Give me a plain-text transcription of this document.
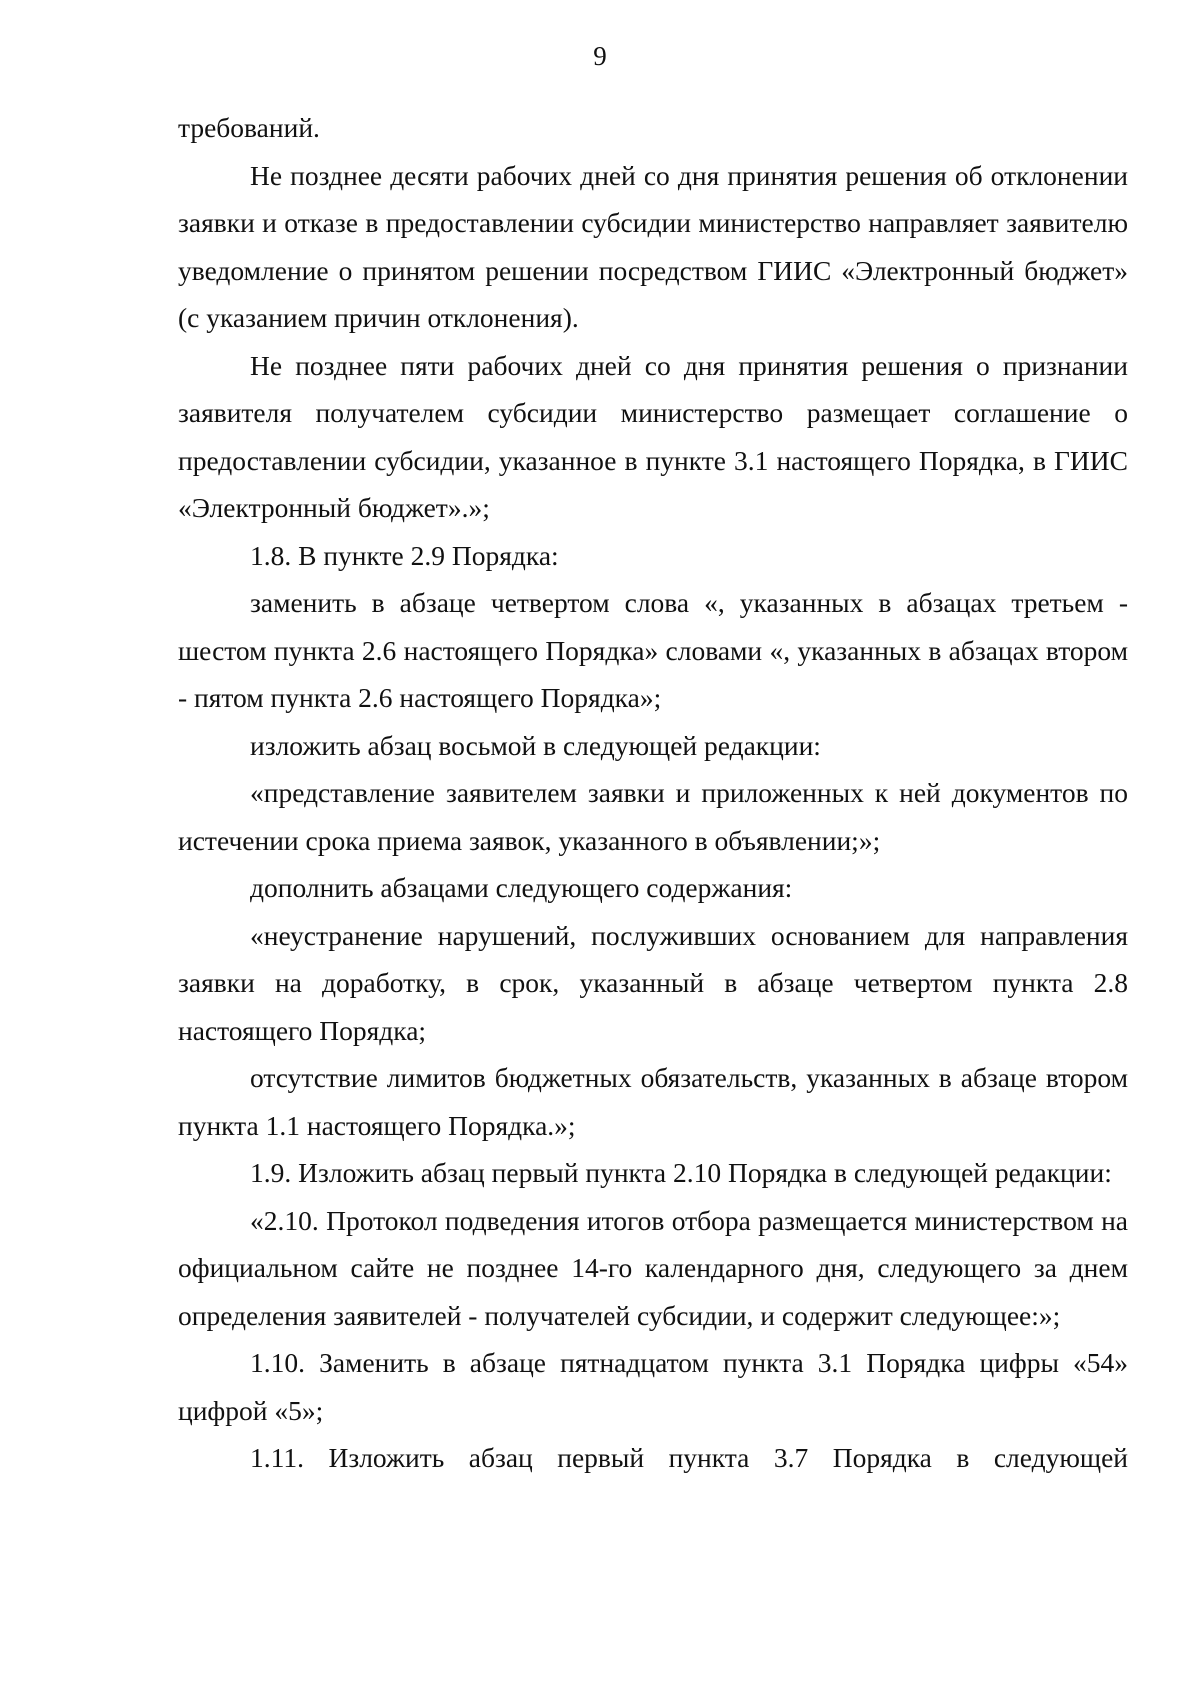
9

требований.

Не позднее десяти рабочих дней со дня принятия решения об отклонении заявки и отказе в предоставлении субсидии министерство направляет заявителю уведомление о принятом решении посредством ГИИС «Электронный бюджет» (с указанием причин отклонения).

Не позднее пяти рабочих дней со дня принятия решения о признании заявителя получателем субсидии министерство размещает соглашение о предоставлении субсидии, указанное в пункте 3.1 настоящего Порядка, в ГИИС «Электронный бюджет».»;

1.8. В пункте 2.9 Порядка:

заменить в абзаце четвертом слова «, указанных в абзацах третьем - шестом пункта 2.6 настоящего Порядка» словами «, указанных в абзацах втором - пятом пункта 2.6 настоящего Порядка»;

изложить абзац восьмой в следующей редакции:

«представление заявителем заявки и приложенных к ней документов по истечении срока приема заявок, указанного в объявлении;»;

дополнить абзацами следующего содержания:

«неустранение нарушений, послуживших основанием для направления заявки на доработку, в срок, указанный в абзаце четвертом пункта 2.8 настоящего Порядка;

отсутствие лимитов бюджетных обязательств, указанных в абзаце втором пункта 1.1 настоящего Порядка.»;

1.9. Изложить абзац первый пункта 2.10 Порядка в следующей редакции:

«2.10. Протокол подведения итогов отбора размещается министерством на официальном сайте не позднее 14-го календарного дня, следующего за днем определения заявителей - получателей субсидии, и содержит следующее:»;

1.10. Заменить в абзаце пятнадцатом пункта 3.1 Порядка цифры «54» цифрой «5»;

1.11. Изложить абзац первый пункта 3.7 Порядка в следующей
